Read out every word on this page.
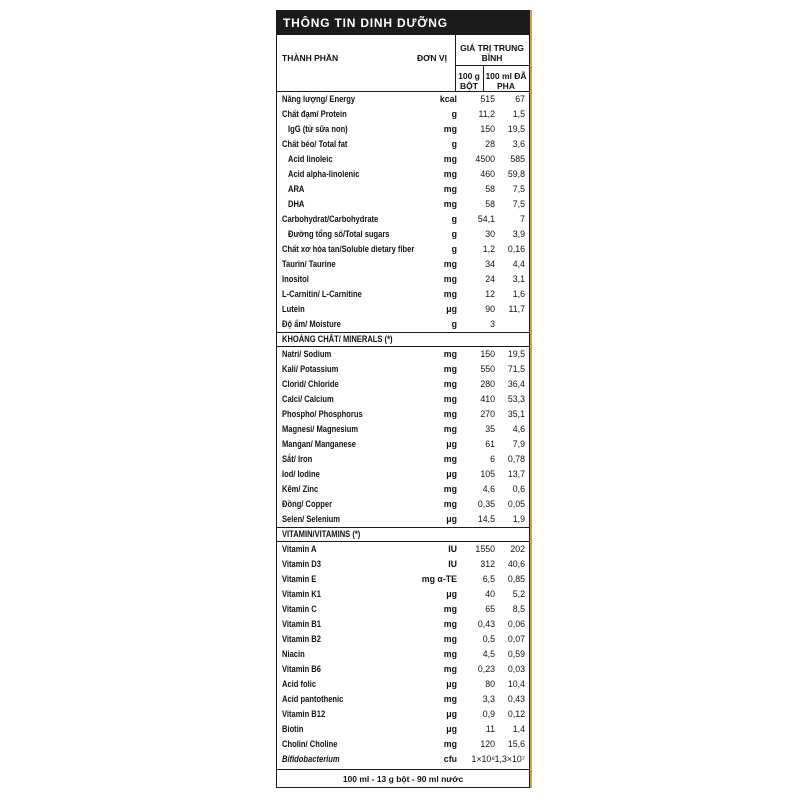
THÔNG TIN DINH DƯỠNG
THÀNH PHẦN	ĐƠN VỊ
GIÁ TRỊ TRUNG BÌNH
100 g BỘT
100 ml ĐÃ PHA
Năng lượng/ Energy	kcal	515	67
Chất đạm/ Protein	g	11,2	1,5
IgG (từ sữa non)	mg	150	19,5
Chất béo/ Total fat	g	28	3,6
Acid linoleic	mg	4500	585
Acid alpha-linolenic	mg	460	59,8
ARA	mg	58	7,5
DHA	mg	58	7,5
Carbohydrat/Carbohydrate	g	54,1	7
Đường tổng số/Total sugars	g	30	3,9
Chất xơ hòa tan/Soluble dietary fiber	g	1,2	0,16
Taurin/ Taurine	mg	34	4,4
Inositol	mg	24	3,1
L-Carnitin/ L-Carnitine	mg	12	1,6
Lutein	μg	90	11,7
Độ ẩm/ Moisture	g	3
KHOÁNG CHẤT/ MINERALS (*)
Natri/ Sodium	mg	150	19,5
Kali/ Potassium	mg	550	71,5
Clorid/ Chloride	mg	280	36,4
Calci/ Calcium	mg	410	53,3
Phospho/ Phosphorus	mg	270	35,1
Magnesi/ Magnesium	mg	35	4,6
Mangan/ Manganese	μg	61	7,9
Sắt/ Iron	mg	6	0,78
Iod/ Iodine	μg	105	13,7
Kẽm/ Zinc	mg	4,6	0,6
Đồng/ Copper	mg	0,35	0,05
Selen/ Selenium	μg	14,5	1,9
VITAMIN/VITAMINS (*)
Vitamin A	IU	1550	202
Vitamin D3	IU	312	40,6
Vitamin E	mg α-TE	6,5	0,85
Vitamin K1	μg	40	5,2
Vitamin C	mg	65	8,5
Vitamin B1	mg	0,43	0,06
Vitamin B2	mg	0,5	0,07
Niacin	mg	4,5	0,59
Vitamin B6	mg	0,23	0,03
Acid folic	μg	80	10,4
Acid pantothenic	mg	3,3	0,43
Vitamin B12	μg	0,9	0,12
Biotin	μg	11	1,4
Cholin/ Choline	mg	120	15,6
Bifidobacterium	cfu	1×10⁸ 1,3×10⁷
100 ml - 13 g bột - 90 ml nước
